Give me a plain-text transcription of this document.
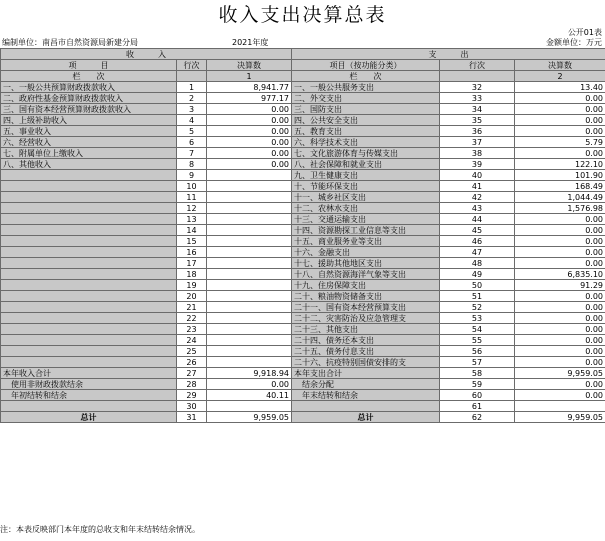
收入支出决算总表
公开01表
编制单位：南昌市自然资源局新建分局	2021年度	金额单位：万元
收　　　入			支　　　出		
项　　　目	行次	决算数	项目（按功能分类）	行次	决算数
栏　　次		1	栏　　次		2
一、一般公共预算财政拨款收入	1	8,941.77	一、一般公共服务支出	32	13.40
二、政府性基金预算财政拨款收入	2	977.17	二、外交支出	33	0.00
三、国有资本经营预算财政拨款收入	3	0.00	三、国防支出	34	0.00
四、上级补助收入	4	0.00	四、公共安全支出	35	0.00
五、事业收入	5	0.00	五、教育支出	36	0.00
六、经营收入	6	0.00	六、科学技术支出	37	5.79
七、附属单位上缴收入	7	0.00	七、文化旅游体育与传媒支出	38	0.00
八、其他收入	8	0.00	八、社会保障和就业支出	39	122.10
	9		九、卫生健康支出	40	101.90
	10		十、节能环保支出	41	168.49
	11		十一、城乡社区支出	42	1,044.49
	12		十二、农林水支出	43	1,576.98
	13		十三、交通运输支出	44	0.00
	14		十四、资源勘探工业信息等支出	45	0.00
	15		十五、商业服务业等支出	46	0.00
	16		十六、金融支出	47	0.00
	17		十七、援助其他地区支出	48	0.00
	18		十八、自然资源海洋气象等支出	49	6,835.10
	19		十九、住房保障支出	50	91.29
	20		二十、粮油物资储备支出	51	0.00
	21		二十一、国有资本经营预算支出	52	0.00
	22		二十二、灾害防治及应急管理支	53	0.00
	23		二十三、其他支出	54	0.00
	24		二十四、债务还本支出	55	0.00
	25		二十五、债务付息支出	56	0.00
	26		二十六、抗疫特别国债安排的支	57	0.00
本年收入合计	27	9,918.94	本年支出合计	58	9,959.05
　使用非财政拨款结余	28	0.00	　结余分配	59	0.00
　年初结转和结余	29	40.11	　年末结转和结余	60	0.00
	30			61	
总计	31	9,959.05	总计	62	9,959.05
注：本表反映部门本年度的总收支和年末结转结余情况。
